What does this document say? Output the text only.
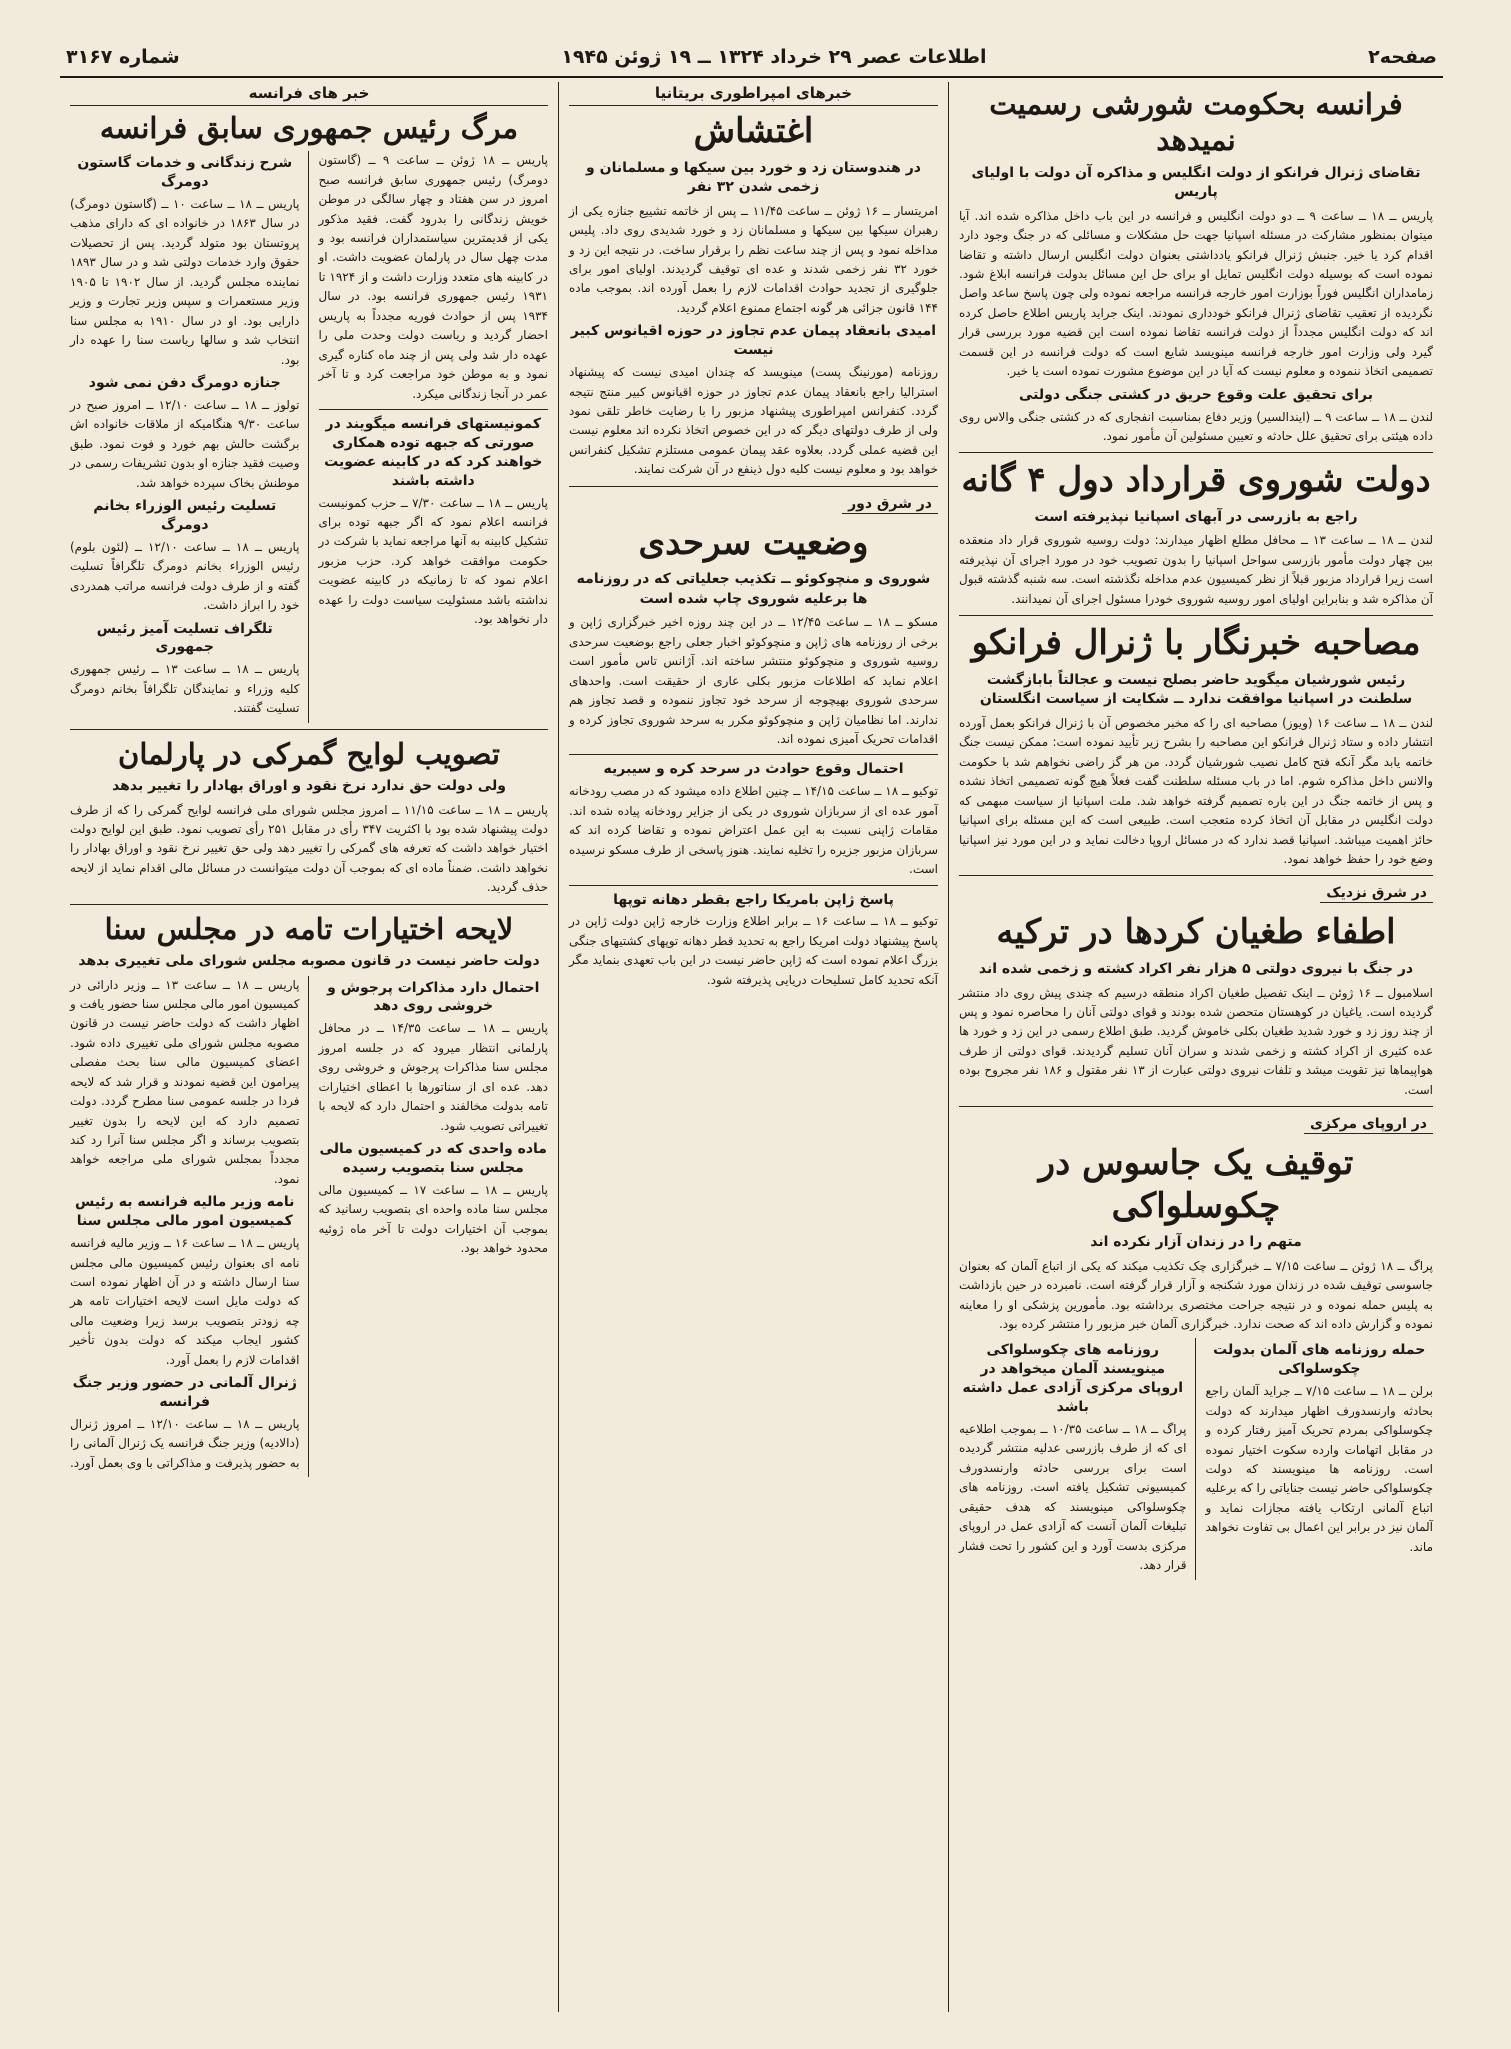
صفحه۲
اطلاعات عصر ۲۹ خرداد ۱۳۲۴ ــ ۱۹ ژوئن ۱۹۴۵
شماره ۳۱۶۷
فرانسه بحکومت شورشی رسمیت نمیدهد
تقاضای ژنرال فرانکو از دولت انگلیس و مذاکره آن دولت با اولیای پاریس

پاریس ــ ۱۸ ــ ساعت ۹ ــ دو دولت انگلیس و فرانسه در این باب داخل مذاکره شده اند. آیا میتوان بمنظور مشارکت در مسئله اسپانیا جهت حل مشکلات و مسائلی که در جنگ وجود دارد اقدام کرد یا خیر. جنبش ژنرال فرانکو یادداشتی بعنوان دولت انگلیس ارسال داشته و تقاضا نموده است که بوسیله دولت انگلیس تمایل او برای حل این مسائل بدولت فرانسه ابلاغ شود. زمامداران انگلیس فوراً بوزارت امور خارجه فرانسه مراجعه نموده ولی چون پاسخ ساعد واصل نگردیده از تعقیب تقاضای ژنرال فرانکو خودداری نمودند. اینک جراید پاریس اطلاع حاصل کرده اند که دولت انگلیس مجدداً از دولت فرانسه تقاضا نموده است این قضیه مورد بررسی قرار گیرد ولی وزارت امور خارجه فرانسه مینویسد شایع است که دولت فرانسه در این قسمت تصمیمی اتخاذ ننموده و معلوم نیست که آیا در این موضوع مشورت نموده است یا خیر.

برای تحقیق علت وقوع حریق در کشتی جنگی دولتی

لندن ــ ۱۸ ــ ساعت ۹ ــ (ایندالسیر) وزیر دفاع بمناسبت انفجاری که در کشتی جنگی والاس روی داده هیئتی برای تحقیق علل حادثه و تعیین مسئولین آن مأمور نمود.

دولت شوروی قرارداد دول ۴ گانه
راجع به بازرسی در آبهای اسپانیا نپذیرفته است

لندن ــ ۱۸ ــ ساعت ۱۳ ــ محافل مطلع اظهار میدارند: دولت روسیه شوروی قرار داد منعقده بین چهار دولت مأمور بازرسی سواحل اسپانیا را بدون تصویب خود در مورد اجرای آن نپذیرفته است زیرا قرارداد مزبور قبلاً از نظر کمیسیون عدم مداخله نگذشته است. سه شنبه گذشته قبول آن مذاکره شد و بنابراین اولیای امور روسیه شوروی خودرا مسئول اجرای آن نمیدانند.

مصاحبه خبرنگار با ژنرال فرانکو
رئیس شورشیان میگوید حاضر بصلح نیست و عجالتاً بابازگشت سلطنت در اسپانیا موافقت ندارد ــ شکایت از سیاست انگلستان

لندن ــ ۱۸ ــ ساعت ۱۶ (ویوز) مصاحبه ای را که مخبر مخصوص آن با ژنرال فرانکو بعمل آورده انتشار داده و ستاد ژنرال فرانکو این مصاحبه را بشرح زیر تأیید نموده است: ممکن نیست جنگ خاتمه یابد مگر آنکه فتح کامل نصیب شورشیان گردد. من هر گز راضی نخواهم شد با حکومت والانس داخل مذاکره شوم. اما در باب مسئله سلطنت گفت فعلاً هیچ گونه تصمیمی اتخاذ نشده و پس از خاتمه جنگ در این باره تصمیم گرفته خواهد شد. ملت اسپانیا از سیاست مبهمی که دولت انگلیس در مقابل آن اتخاذ کرده متعجب است. طبیعی است که این مسئله برای اسپانیا حائز اهمیت میباشد. اسپانیا قصد ندارد که در مسائل اروپا دخالت نماید و در این مورد نیز اسپانیا وضع خود را حفظ خواهد نمود.

در شرق نزدیک
اطفاء طغیان کردها در ترکیه
در جنگ با نیروی دولتی ۵ هزار نفر اکراد کشته و زخمی شده اند

اسلامبول ــ ۱۶ ژوئن ــ اینک تفصیل طغیان اکراد منطقه درسیم که چندی پیش روی داد منتشر گردیده است. یاغیان در کوهستان متحصن شده بودند و قوای دولتی آنان را محاصره نمود و پس از چند روز زد و خورد شدید طغیان بکلی خاموش گردید. طبق اطلاع رسمی در این زد و خورد ها عده کثیری از اکراد کشته و زخمی شدند و سران آنان تسلیم گردیدند. قوای دولتی از طرف هواپیماها نیز تقویت میشد و تلفات نیروی دولتی عبارت از ۱۳ نفر مقتول و ۱۸۶ نفر مجروح بوده است.

در اروپای مرکزی
توقیف یک جاسوس در چکوسلواکی
متهم را در زندان آزار نکرده اند

پراگ ــ ۱۸ ژوئن ــ ساعت ۷/۱۵ ــ خبرگزاری چک تکذیب میکند که یکی از اتباع آلمان که بعنوان جاسوسی توقیف شده در زندان مورد شکنجه و آزار قرار گرفته است. نامبرده در حین بازداشت به پلیس حمله نموده و در نتیجه جراحت مختصری برداشته بود. مأمورین پزشکی او را معاینه نموده و گزارش داده اند که صحت ندارد. خبرگزاری آلمان خبر مزبور را منتشر کرده بود.

حمله روزنامه های آلمان بدولت چکوسلواکی

برلن ــ ۱۸ ــ ساعت ۷/۱۵ ــ جراید آلمان راجع بحادثه وارنسدورف اظهار میدارند که دولت چکوسلواکی بمردم تحریک آمیز رفتار کرده و در مقابل اتهامات وارده سکوت اختیار نموده است. روزنامه ها مینویسند که دولت چکوسلواکی حاضر نیست جنایاتی را که برعلیه اتباع آلمانی ارتکاب یافته مجازات نماید و آلمان نیز در برابر این اعمال بی تفاوت نخواهد ماند.

روزنامه های چکوسلواکی مینویسند آلمان میخواهد در اروپای مرکزی آزادی عمل داشته باشد

پراگ ــ ۱۸ ــ ساعت ۱۰/۳۵ ــ بموجب اطلاعیه ای که از طرف بازرسی عدلیه منتشر گردیده است برای بررسی حادثه وارنسدورف کمیسیونی تشکیل یافته است. روزنامه های چکوسلواکی مینویسند که هدف حقیقی تبلیغات آلمان آنست که آزادی عمل در اروپای مرکزی بدست آورد و این کشور را تحت فشار قرار دهد.

خبرهای امپراطوری بریتانیا
اغتشاش
در هندوستان زد و خورد بین سیکها و مسلمانان و زخمی شدن ۳۲ نفر

امریتسار ــ ۱۶ ژوئن ــ ساعت ۱۱/۴۵ ــ پس از خاتمه تشییع جنازه یکی از رهبران سیکها بین سیکها و مسلمانان زد و خورد شدیدی روی داد. پلیس مداخله نمود و پس از چند ساعت نظم را برقرار ساخت. در نتیجه این زد و خورد ۳۲ نفر زخمی شدند و عده ای توقیف گردیدند. اولیای امور برای جلوگیری از تجدید حوادث اقدامات لازم را بعمل آورده اند. بموجب ماده ۱۴۴ قانون جزائی هر گونه اجتماع ممنوع اعلام گردید.

امیدی بانعقاد پیمان عدم تجاوز در حوزه اقیانوس کبیر نیست

روزنامه (مورنینگ پست) مینویسد که چندان امیدی نیست که پیشنهاد استرالیا راجع بانعقاد پیمان عدم تجاوز در حوزه اقیانوس کبیر منتج نتیجه گردد. کنفرانس امپراطوری پیشنهاد مزبور را با رضایت خاطر تلقی نمود ولی از طرف دولتهای دیگر که در این خصوص اتخاذ نکرده اند معلوم نیست این قضیه عملی گردد. بعلاوه عقد پیمان عمومی مستلزم تشکیل کنفرانس خواهد بود و معلوم نیست کلیه دول ذینفع در آن شرکت نمایند.

در شرق دور
وضعیت سرحدی
شوروی و منچوکوئو ــ تکذیب جعلیاتی که در روزنامه ها برعلیه شوروی چاپ شده است

مسکو ــ ۱۸ ــ ساعت ۱۲/۴۵ ــ در این چند روزه اخیر خبرگزاری ژاپن و برخی از روزنامه های ژاپن و منچوکوئو اخبار جعلی راجع بوضعیت سرحدی روسیه شوروی و منچوکوئو منتشر ساخته اند. آژانس تاس مأمور است اعلام نماید که اطلاعات مزبور بکلی عاری از حقیقت است. واحدهای سرحدی شوروی بهیچوجه از سرحد خود تجاوز ننموده و قصد تجاوز هم ندارند. اما نظامیان ژاپن و منچوکوئو مکرر به سرحد شوروی تجاوز کرده و اقدامات تحریک آمیزی نموده اند.

احتمال وقوع حوادث در سرحد کره و سیبریه

توکیو ــ ۱۸ ــ ساعت ۱۴/۱۵ ــ چنین اطلاع داده میشود که در مصب رودخانه آمور عده ای از سربازان شوروی در یکی از جزایر رودخانه پیاده شده اند. مقامات ژاپنی نسبت به این عمل اعتراض نموده و تقاضا کرده اند که سربازان مزبور جزیره را تخلیه نمایند. هنوز پاسخی از طرف مسکو نرسیده است.

پاسخ ژاپن بامریکا راجع بقطر دهانه توپها

توکیو ــ ۱۸ ــ ساعت ۱۶ ــ برابر اطلاع وزارت خارجه ژاپن دولت ژاپن در پاسخ پیشنهاد دولت امریکا راجع به تحدید قطر دهانه توپهای کشتیهای جنگی بزرگ اعلام نموده است که ژاپن حاضر نیست در این باب تعهدی بنماید مگر آنکه تحدید کامل تسلیحات دریایی پذیرفته شود.

خبر های فرانسه
مرگ رئیس جمهوری سابق فرانسه

پاریس ــ ۱۸ ژوئن ــ ساعت ۹ ــ (گاستون دومرگ) رئیس جمهوری سابق فرانسه صبح امروز در سن هفتاد و چهار سالگی در موطن خویش زندگانی را بدرود گفت. فقید مذکور یکی از قدیمترین سیاستمداران فرانسه بود و مدت چهل سال در پارلمان عضویت داشت. او در کابینه های متعدد وزارت داشت و از ۱۹۲۴ تا ۱۹۳۱ رئیس جمهوری فرانسه بود. در سال ۱۹۳۴ پس از حوادث فوریه مجدداً به پاریس احضار گردید و ریاست دولت وحدت ملی را عهده دار شد ولی پس از چند ماه کناره گیری نمود و به موطن خود مراجعت کرد و تا آخر عمر در آنجا زندگانی میکرد.

کمونیستهای فرانسه میگویند در صورتی که جبهه توده همکاری خواهند کرد که در کابینه عضویت داشته باشند

پاریس ــ ۱۸ ــ ساعت ۷/۳۰ ــ حزب کمونیست فرانسه اعلام نمود که اگر جبهه توده برای تشکیل کابینه به آنها مراجعه نماید با شرکت در حکومت موافقت خواهد کرد. حزب مزبور اعلام نمود که تا زمانیکه در کابینه عضویت نداشته باشد مسئولیت سیاست دولت را عهده دار نخواهد بود.

شرح زندگانی و خدمات گاستون دومرگ

پاریس ــ ۱۸ ــ ساعت ۱۰ ــ (گاستون دومرگ) در سال ۱۸۶۳ در خانواده ای که دارای مذهب پروتستان بود متولد گردید. پس از تحصیلات حقوق وارد خدمات دولتی شد و در سال ۱۸۹۳ نماینده مجلس گردید. از سال ۱۹۰۲ تا ۱۹۰۵ وزیر مستعمرات و سپس وزیر تجارت و وزیر دارایی بود. او در سال ۱۹۱۰ به مجلس سنا انتخاب شد و سالها ریاست سنا را عهده دار بود.

جنازه دومرگ دفن نمی شود

تولوز ــ ۱۸ ــ ساعت ۱۲/۱۰ ــ امروز صبح در ساعت ۹/۳۰ هنگامیکه از ملاقات خانواده اش برگشت حالش بهم خورد و فوت نمود. طبق وصیت فقید جنازه او بدون تشریفات رسمی در موطنش بخاک سپرده خواهد شد.

تسلیت رئیس الوزراء بخانم دومرگ

پاریس ــ ۱۸ ــ ساعت ۱۲/۱۰ ــ (لئون بلوم) رئیس الوزراء بخانم دومرگ تلگرافاً تسلیت گفته و از طرف دولت فرانسه مراتب همدردی خود را ابراز داشت.

تلگراف تسلیت آمیز رئیس جمهوری

پاریس ــ ۱۸ ــ ساعت ۱۳ ــ رئیس جمهوری کلیه وزراء و نمایندگان تلگرافاً بخانم دومرگ تسلیت گفتند.

تصویب لوایح گمرکی در پارلمان
ولی دولت حق ندارد نرخ نقود و اوراق بهادار را تغییر بدهد

پاریس ــ ۱۸ ــ ساعت ۱۱/۱۵ ــ امروز مجلس شورای ملی فرانسه لوایح گمرکی را که از طرف دولت پیشنهاد شده بود با اکثریت ۳۴۷ رأی در مقابل ۲۵۱ رأی تصویب نمود. طبق این لوایح دولت اختیار خواهد داشت که تعرفه های گمرکی را تغییر دهد ولی حق تغییر نرخ نقود و اوراق بهادار را نخواهد داشت. ضمناً ماده ای که بموجب آن دولت میتوانست در مسائل مالی اقدام نماید از لایحه حذف گردید.

لایحه اختیارات تامه در مجلس سنا
دولت حاضر نیست در قانون مصوبه مجلس شورای ملی تغییری بدهد
احتمال دارد مذاکرات پرجوش و خروشی روی دهد

پاریس ــ ۱۸ ــ ساعت ۱۴/۳۵ ــ در محافل پارلمانی انتظار میرود که در جلسه امروز مجلس سنا مذاکرات پرجوش و خروشی روی دهد. عده ای از سناتورها با اعطای اختیارات تامه بدولت مخالفند و احتمال دارد که لایحه با تغییراتی تصویب شود.

ماده واحدی که در کمیسیون مالی مجلس سنا بتصویب رسیده

پاریس ــ ۱۸ ــ ساعت ۱۷ ــ کمیسیون مالی مجلس سنا ماده واحده ای بتصویب رسانید که بموجب آن اختیارات دولت تا آخر ماه ژوئیه محدود خواهد بود.

پاریس ــ ۱۸ ــ ساعت ۱۳ ــ وزیر دارائی در کمیسیون امور مالی مجلس سنا حضور یافت و اظهار داشت که دولت حاضر نیست در قانون مصوبه مجلس شورای ملی تغییری داده شود. اعضای کمیسیون مالی سنا بحث مفصلی پیرامون این قضیه نمودند و قرار شد که لایحه فردا در جلسه عمومی سنا مطرح گردد. دولت تصمیم دارد که این لایحه را بدون تغییر بتصویب برساند و اگر مجلس سنا آنرا رد کند مجدداً بمجلس شورای ملی مراجعه خواهد نمود.

نامه وزیر مالیه فرانسه به رئیس کمیسیون امور مالی مجلس سنا

پاریس ــ ۱۸ ــ ساعت ۱۶ ــ وزیر مالیه فرانسه نامه ای بعنوان رئیس کمیسیون مالی مجلس سنا ارسال داشته و در آن اظهار نموده است که دولت مایل است لایحه اختیارات تامه هر چه زودتر بتصویب برسد زیرا وضعیت مالی کشور ایجاب میکند که دولت بدون تأخیر اقدامات لازم را بعمل آورد.

ژنرال آلمانی در حضور وزیر جنگ فرانسه

پاریس ــ ۱۸ ــ ساعت ۱۲/۱۰ ــ امروز ژنرال (دالادیه) وزیر جنگ فرانسه یک ژنرال آلمانی را به حضور پذیرفت و مذاکراتی با وی بعمل آورد.
